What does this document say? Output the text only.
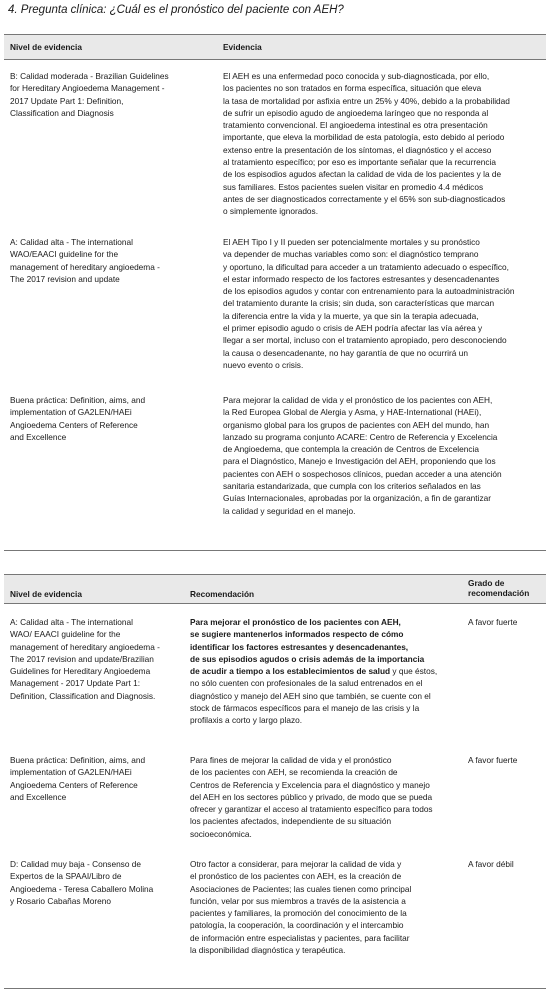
4. Pregunta clínica: ¿Cuál es el pronóstico del paciente con AEH?
Nivel de evidencia	Evidencia
B: Calidad moderada - Brazilian Guidelines
for Hereditary Angioedema Management -
2017 Update Part 1: Definition,
Classification and Diagnosis
El AEH es una enfermedad poco conocida y sub-diagnosticada, por ello,
los pacientes no son tratados en forma específica, situación que eleva
la tasa de mortalidad por asfixia entre un 25% y 40%, debido a la probabilidad
de sufrir un episodio agudo de angioedema laríngeo que no responda al
tratamiento convencional. El angioedema intestinal es otra presentación
importante, que eleva la morbilidad de esta patología, esto debido al periodo
extenso entre la presentación de los síntomas, el diagnóstico y el acceso
al tratamiento específico; por eso es importante señalar que la recurrencia
de los espisodios agudos afectan la calidad de vida de los pacientes y la de
sus familiares. Estos pacientes suelen visitar en promedio 4.4 médicos
antes de ser diagnosticados correctamente y el 65% son sub-diagnosticados
o simplemente ignorados.
A: Calidad alta - The international
WAO/EAACI guideline for the
management of hereditary angioedema -
The 2017 revision and update
El AEH Tipo I y II pueden ser potencialmente mortales y su pronóstico
va depender de muchas variables como son: el diagnóstico temprano
y oportuno, la dificultad para acceder a un tratamiento adecuado o específico,
el estar informado respecto de los factores estresantes y desencadenantes
de los episodios agudos y contar con entrenamiento para la autoadministración
del tratamiento durante la crisis; sin duda, son características que marcan
la diferencia entre la vida y la muerte, ya que sin la terapia adecuada,
el primer episodio agudo o crisis de AEH podría afectar las vía aérea y
llegar a ser mortal, incluso con el tratamiento apropiado, pero desconociendo
la causa o desencadenante, no hay garantía de que no ocurrirá un
nuevo evento o crisis.
Buena práctica: Definition, aims, and
implementation of GA2LEN/HAEi
Angioedema Centers of Reference
and Excellence
Para mejorar la calidad de vida y el pronóstico de los pacientes con AEH,
la Red Europea Global de Alergia y Asma, y HAE-International (HAEi),
organismo global para los grupos de pacientes con AEH del mundo, han
lanzado su programa conjunto ACARE: Centro de Referencia y Excelencia
de Angioedema, que contempla la creación de Centros de Excelencia
para el Diagnóstico, Manejo e Investigación del AEH, proponiendo que los
pacientes con AEH o sospechosos clínicos, puedan acceder a una atención
sanitaria estandarizada, que cumpla con los criterios señalados en las
Guías Internacionales, aprobadas por la organización, a fin de garantizar
la calidad y seguridad en el manejo.
Nivel de evidencia	Recomendación
Grado de
recomendación
A: Calidad alta - The international
WAO/ EAACI guideline for the
management of hereditary angioedema -
The 2017 revision and update/Brazilian
Guidelines for Hereditary Angioedema
Management - 2017 Update Part 1:
Definition, Classification and Diagnosis.
Para mejorar el pronóstico de los pacientes con AEH,
se sugiere mantenerlos informados respecto de cómo
identificar los factores estresantes y desencadenantes,
de sus episodios agudos o crisis además de la importancia
de acudir a tiempo a los establecimientos de salud y que éstos,
no sólo cuenten con profesionales de la salud entrenados en el
diagnóstico y manejo del AEH sino que también, se cuente con el
stock de fármacos específicos para el manejo de las crisis y la
profilaxis a corto y largo plazo.
A favor fuerte
Buena práctica: Definition, aims, and
implementation of GA2LEN/HAEi
Angioedema Centers of Reference
and Excellence
Para fines de mejorar la calidad de vida y el pronóstico
de los pacientes con AEH, se recomienda la creación de
Centros de Referencia y Excelencia para el diagnóstico y manejo
del AEH en los sectores público y privado, de modo que se pueda
ofrecer y garantizar el acceso al tratamiento específico para todos
los pacientes afectados, independiente de su situación
socioeconómica.
A favor fuerte
D: Calidad muy baja - Consenso de
Expertos de la SPAAI/Libro de
Angioedema - Teresa Caballero Molina
y Rosario Cabañas Moreno
Otro factor a considerar, para mejorar la calidad de vida y
el pronóstico de los pacientes con AEH, es la creación de
Asociaciones de Pacientes; las cuales tienen como principal
función, velar por sus miembros a través de la asistencia a
pacientes y familiares, la promoción del conocimiento de la
patología, la cooperación, la coordinación y el intercambio
de información entre especialistas y pacientes, para facilitar
la disponibilidad diagnóstica y terapéutica.
A favor débil
